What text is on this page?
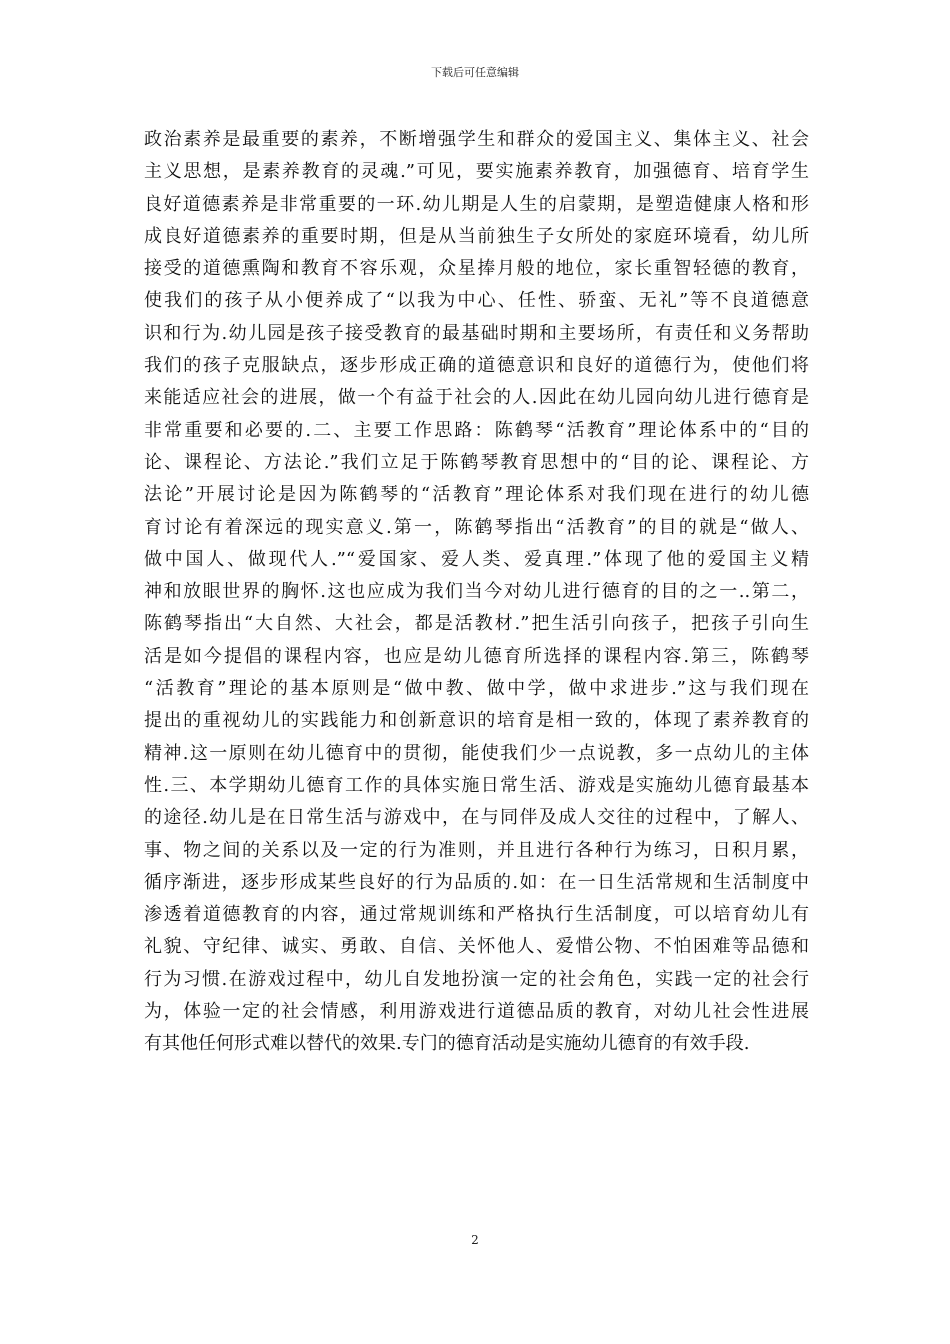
下载后可任意编辑
政治素养是最重要的素养，不断增强学生和群众的爱国主义、集体主义、社会
主义思想，是素养教育的灵魂.”可见，要实施素养教育，加强德育、培育学生
良好道德素养是非常重要的一环.幼儿期是人生的启蒙期，是塑造健康人格和形
成良好道德素养的重要时期，但是从当前独生子女所处的家庭环境看，幼儿所
接受的道德熏陶和教育不容乐观，众星捧月般的地位，家长重智轻德的教育，
使我们的孩子从小便养成了“以我为中心、任性、骄蛮、无礼”等不良道德意
识和行为.幼儿园是孩子接受教育的最基础时期和主要场所，有责任和义务帮助
我们的孩子克服缺点，逐步形成正确的道德意识和良好的道德行为，使他们将
来能适应社会的进展，做一个有益于社会的人.因此在幼儿园向幼儿进行德育是
非常重要和必要的.二、主要工作思路：陈鹤琴“活教育”理论体系中的“目的
论、课程论、方法论.”我们立足于陈鹤琴教育思想中的“目的论、课程论、方
法论”开展讨论是因为陈鹤琴的“活教育”理论体系对我们现在进行的幼儿德
育讨论有着深远的现实意义.第一，陈鹤琴指出“活教育”的目的就是“做人、
做中国人、做现代人.”“爱国家、爱人类、爱真理.”体现了他的爱国主义精
神和放眼世界的胸怀.这也应成为我们当今对幼儿进行德育的目的之一..第二，
陈鹤琴指出“大自然、大社会，都是活教材.”把生活引向孩子，把孩子引向生
活是如今提倡的课程内容，也应是幼儿德育所选择的课程内容.第三，陈鹤琴
“活教育”理论的基本原则是“做中教、做中学，做中求进步.”这与我们现在
提出的重视幼儿的实践能力和创新意识的培育是相一致的，体现了素养教育的
精神.这一原则在幼儿德育中的贯彻，能使我们少一点说教，多一点幼儿的主体
性.三、本学期幼儿德育工作的具体实施日常生活、游戏是实施幼儿德育最基本
的途径.幼儿是在日常生活与游戏中，在与同伴及成人交往的过程中，了解人、
事、物之间的关系以及一定的行为准则，并且进行各种行为练习，日积月累，
循序渐进，逐步形成某些良好的行为品质的.如：在一日生活常规和生活制度中
渗透着道德教育的内容，通过常规训练和严格执行生活制度，可以培育幼儿有
礼貌、守纪律、诚实、勇敢、自信、关怀他人、爱惜公物、不怕困难等品德和
行为习惯.在游戏过程中，幼儿自发地扮演一定的社会角色，实践一定的社会行
为，体验一定的社会情感，利用游戏进行道德品质的教育，对幼儿社会性进展
有其他任何形式难以替代的效果.专门的德育活动是实施幼儿德育的有效手段.
2
